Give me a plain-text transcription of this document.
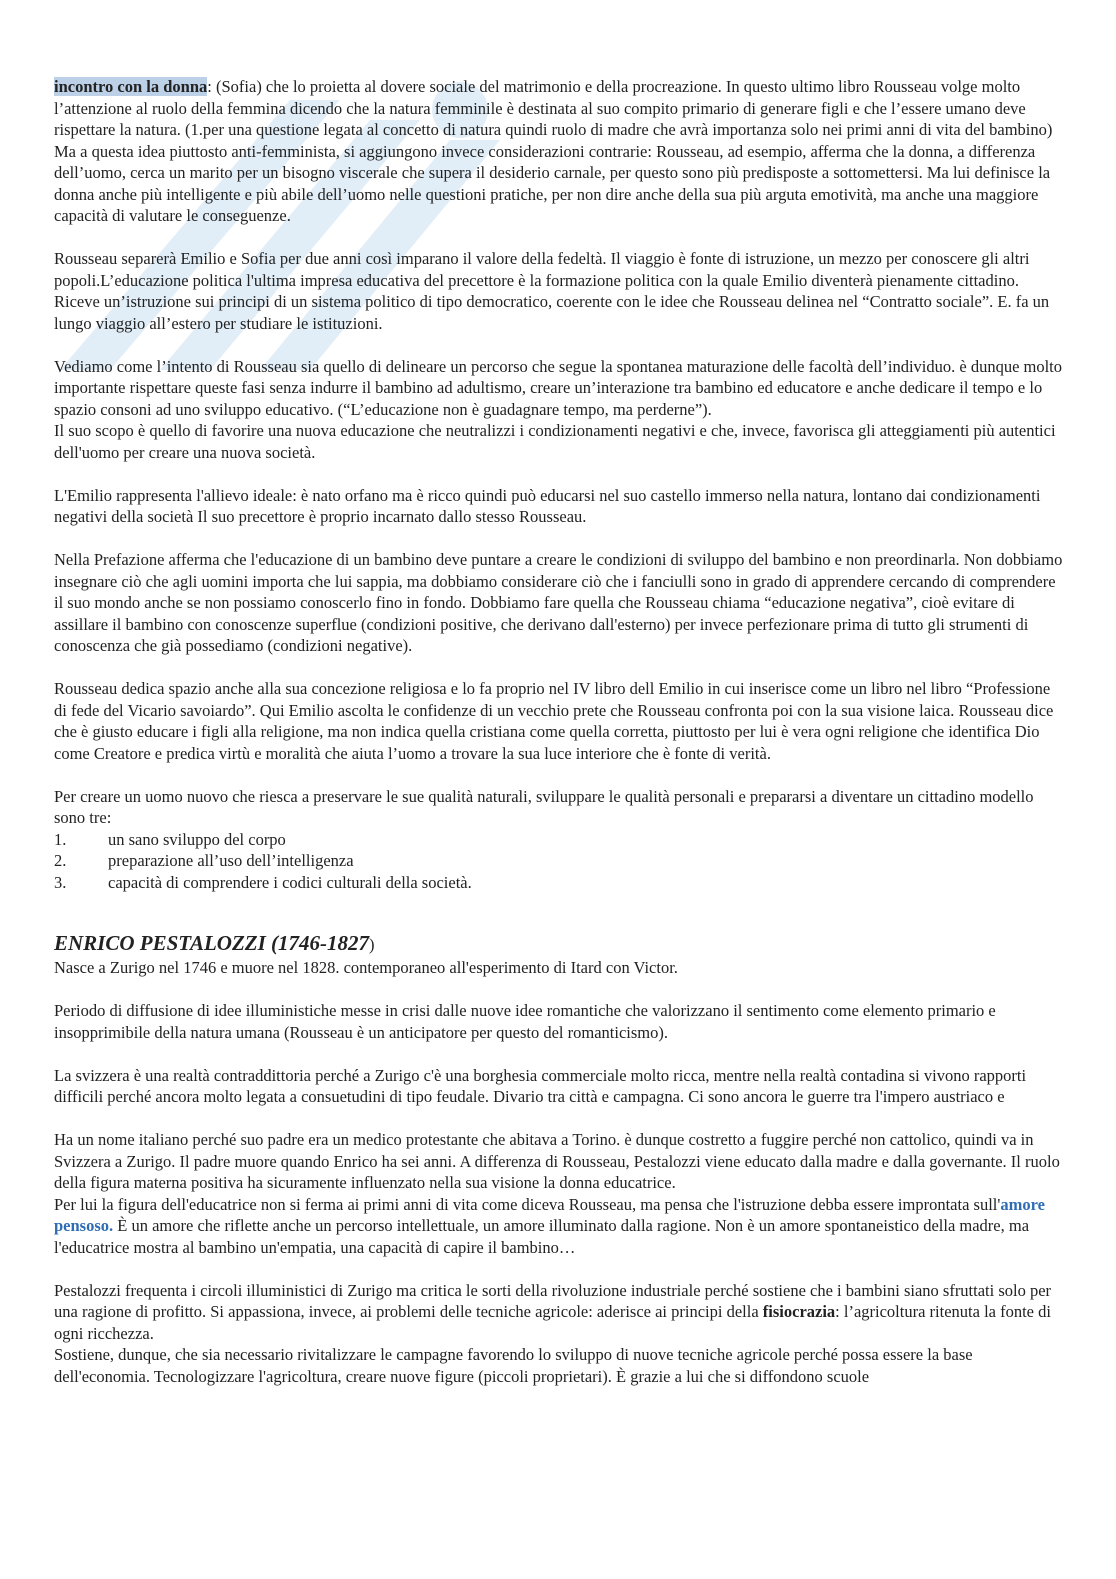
incontro con la donna: (Sofia) che lo proietta al dovere sociale del matrimonio e della procreazione. In questo ultimo libro Rousseau volge molto l’attenzione al ruolo della femmina dicendo che la natura femminile è destinata al suo compito primario di generare figli e che l’essere umano deve rispettare la natura. (1.per una questione legata al concetto di natura quindi ruolo di madre che avrà importanza solo nei primi anni di vita del bambino) Ma a questa idea piuttosto anti-femminista, si aggiungono invece considerazioni contrarie: Rousseau, ad esempio, afferma che la donna, a differenza dell’uomo, cerca un marito per un bisogno viscerale che supera il desiderio carnale, per questo sono più predisposte a sottomettersi. Ma lui definisce la donna anche più intelligente e più abile dell’uomo nelle questioni pratiche, per non dire anche della sua più arguta emotività, ma anche una maggiore capacità di valutare le conseguenze.

Rousseau separerà Emilio e Sofia per due anni così imparano il valore della fedeltà. Il viaggio è fonte di istruzione, un mezzo per conoscere gli altri popoli.L’educazione politica l'ultima impresa educativa del precettore è la formazione politica con la quale Emilio diventerà pienamente cittadino. Riceve un’istruzione sui principi di un sistema politico di tipo democratico, coerente con le idee che Rousseau delinea nel “Contratto sociale”. E. fa un lungo viaggio all’estero per studiare le istituzioni.

Vediamo come l’intento di Rousseau sia quello di delineare un percorso che segue la spontanea maturazione delle facoltà dell’individuo. è dunque molto importante rispettare queste fasi senza indurre il bambino ad adultismo, creare un’interazione tra bambino ed educatore e anche dedicare il tempo e lo spazio consoni ad uno sviluppo educativo. (“L’educazione non è guadagnare tempo, ma perderne”).

Il suo scopo è quello di favorire una nuova educazione che neutralizzi i condizionamenti negativi e che, invece, favorisca gli atteggiamenti più autentici dell'uomo per creare una nuova società.

L'Emilio rappresenta l'allievo ideale: è nato orfano ma è ricco quindi può educarsi nel suo castello immerso nella natura, lontano dai condizionamenti negativi della società Il suo precettore è proprio incarnato dallo stesso Rousseau.

Nella Prefazione afferma che l'educazione di un bambino deve puntare a creare le condizioni di sviluppo del bambino e non preordinarla. Non dobbiamo insegnare ciò che agli uomini importa che lui sappia, ma dobbiamo considerare ciò che i fanciulli sono in grado di apprendere cercando di comprendere il suo mondo anche se non possiamo conoscerlo fino in fondo. Dobbiamo fare quella che Rousseau chiama “educazione negativa”, cioè evitare di assillare il bambino con conoscenze superflue (condizioni positive, che derivano dall'esterno) per invece perfezionare prima di tutto gli strumenti di conoscenza che già possediamo (condizioni negative).

Rousseau dedica spazio anche alla sua concezione religiosa e lo fa proprio nel IV libro dell Emilio in cui inserisce come un libro nel libro “Professione di fede del Vicario savoiardo”. Qui Emilio ascolta le confidenze di un vecchio prete che Rousseau confronta poi con la sua visione laica. Rousseau dice che è giusto educare i figli alla religione, ma non indica quella cristiana come quella corretta, piuttosto per lui è vera ogni religione che identifica Dio come Creatore e predica virtù e moralità che aiuta l’uomo a trovare la sua luce interiore che è fonte di verità.

Per creare un uomo nuovo che riesca a preservare le sue qualità naturali, sviluppare le qualità personali e prepararsi a diventare un cittadino modello sono tre:

1.	un sano sviluppo del corpo
2.	preparazione all’uso dell’intelligenza
3.	capacità di comprendere i codici culturali della società.
ENRICO PESTALOZZI (1746-1827)

Nasce a Zurigo nel 1746 e muore nel 1828. contemporaneo all'esperimento di Itard con Victor.

Periodo di diffusione di idee illuministiche messe in crisi dalle nuove idee romantiche che valorizzano il sentimento come elemento primario e insopprimibile della natura umana (Rousseau è un anticipatore per questo del romanticismo).

La svizzera è una realtà contraddittoria perché a Zurigo c'è una borghesia commerciale molto ricca, mentre nella realtà contadina si vivono rapporti difficili perché ancora molto legata a consuetudini di tipo feudale. Divario tra città e campagna. Ci sono ancora le guerre tra l'impero austriaco e

Ha un nome italiano perché suo padre era un medico protestante che abitava a Torino. è dunque costretto a fuggire perché non cattolico, quindi va in Svizzera a Zurigo. Il padre muore quando Enrico ha sei anni. A differenza di Rousseau, Pestalozzi viene educato dalla madre e dalla governante. Il ruolo della figura materna positiva ha sicuramente influenzato nella sua visione la donna educatrice.

Per lui la figura dell'educatrice non si ferma ai primi anni di vita come diceva Rousseau, ma pensa che l'istruzione debba essere improntata sull'amore pensoso. È un amore che riflette anche un percorso intellettuale, un amore illuminato dalla ragione. Non è un amore spontaneistico della madre, ma l'educatrice mostra al bambino un'empatia, una capacità di capire il bambino…

Pestalozzi frequenta i circoli illuministici di Zurigo ma critica le sorti della rivoluzione industriale perché sostiene che i bambini siano sfruttati solo per una ragione di profitto. Si appassiona, invece, ai problemi delle tecniche agricole: aderisce ai principi della fisiocrazia: l’agricoltura ritenuta la fonte di ogni ricchezza.

Sostiene, dunque, che sia necessario rivitalizzare le campagne favorendo lo sviluppo di nuove tecniche agricole perché possa essere la base dell'economia. Tecnologizzare l'agricoltura, creare nuove figure (piccoli proprietari). È grazie a lui che si diffondono scuole
